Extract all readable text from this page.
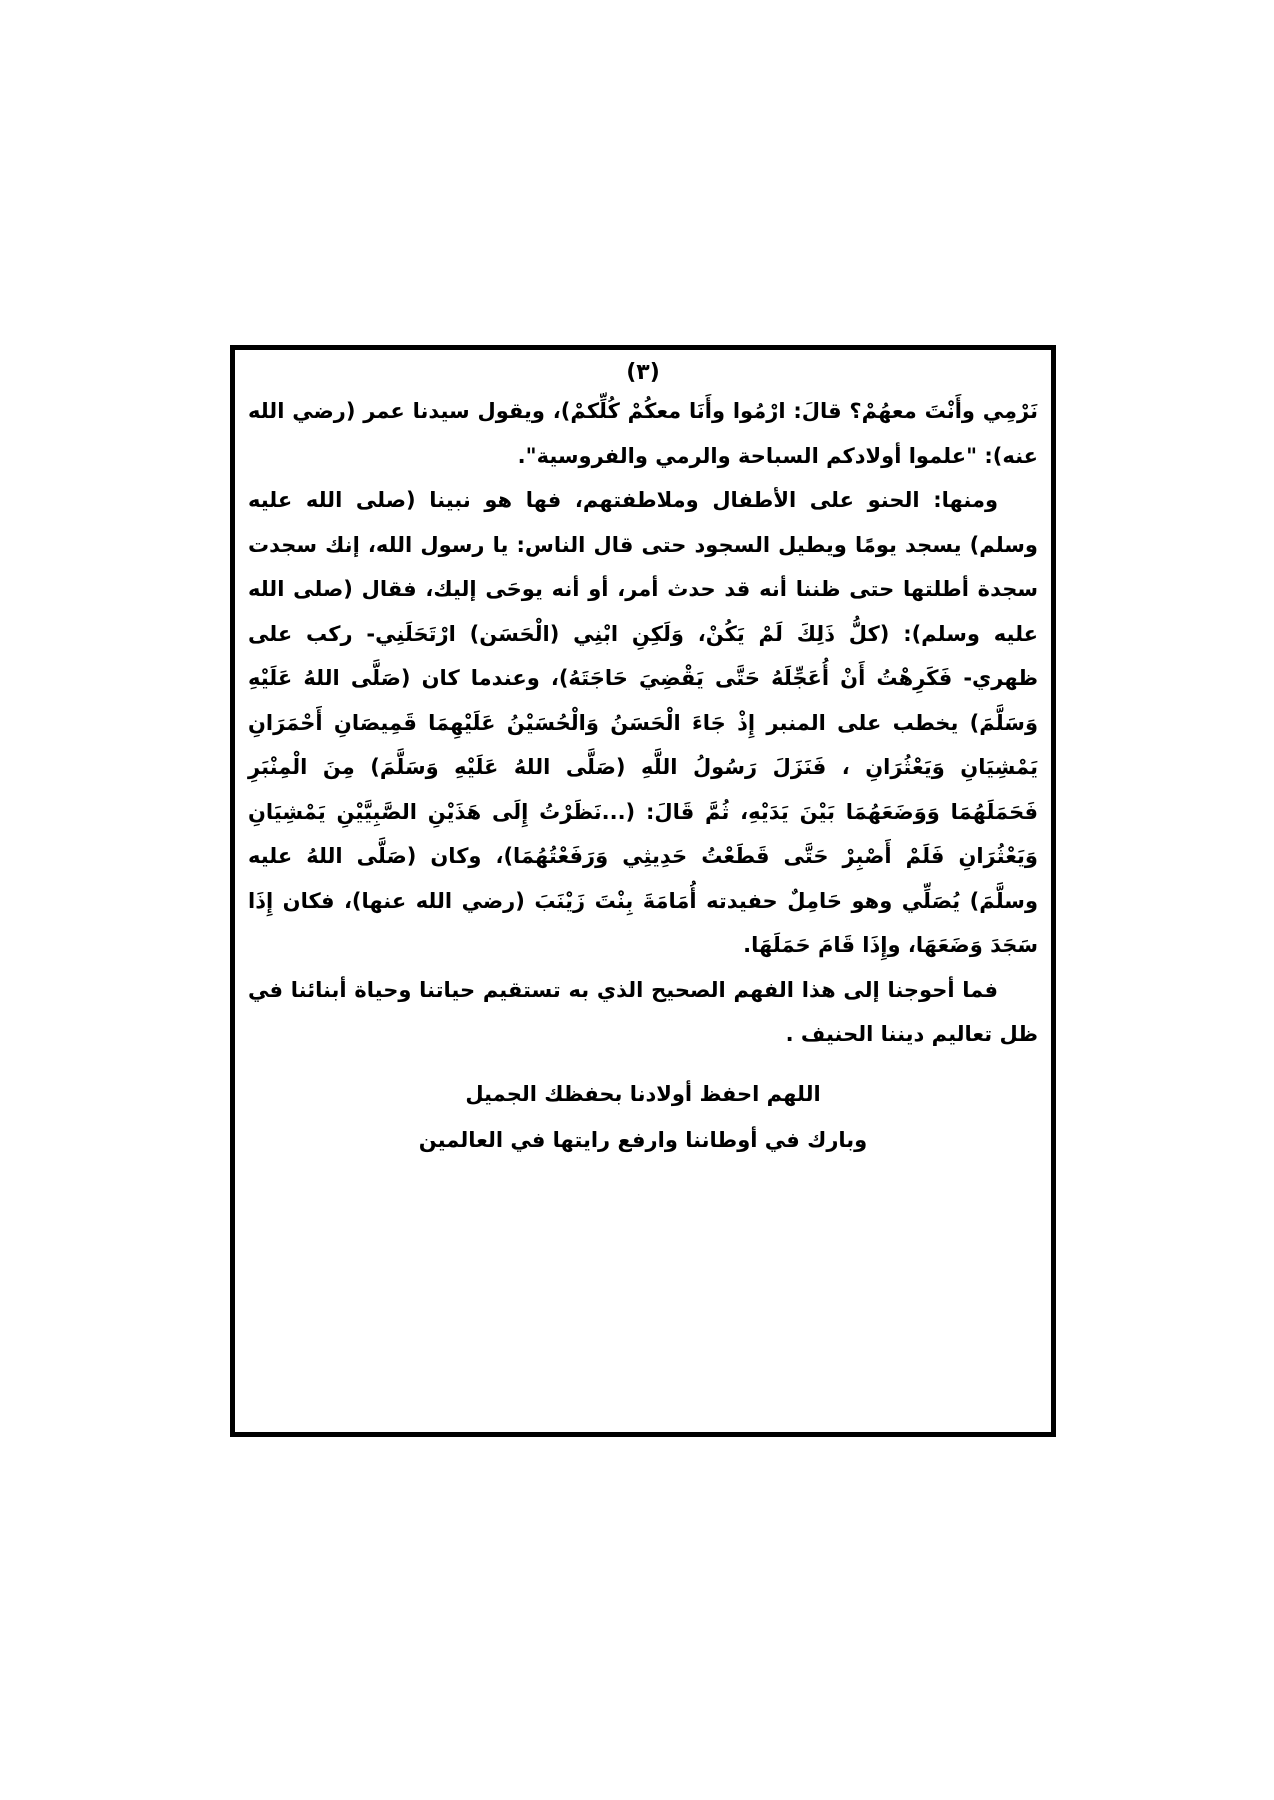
(٣)

نَرْمِي وأَنْتَ معهُمْ؟ قالَ: ارْمُوا وأَنَا معكُمْ كُلِّكمْ)، ويقول سيدنا عمر (رضي الله عنه): "علموا أولادكم السباحة والرمي والفروسية".

ومنها: الحنو على الأطفال وملاطفتهم، فها هو نبينا (صلى الله عليه وسلم) يسجد يومًا ويطيل السجود حتى قال الناس: يا رسول الله، إنك سجدت سجدة أطلتها حتى ظننا أنه قد حدث أمر، أو أنه يوحَى إليك، فقال (صلى الله عليه وسلم): (كلُّ ذَلِكَ لَمْ يَكُنْ، وَلَكِنِ ابْنِي (الْحَسَن) ارْتَحَلَنِي- ركب على ظهري- فَكَرِهْتُ أَنْ أُعَجِّلَهُ حَتَّى يَقْضِيَ حَاجَتَهُ)، وعندما كان (صَلَّى اللهُ عَلَيْهِ وَسَلَّمَ) يخطب على المنبر إِذْ جَاءَ الْحَسَنُ وَالْحُسَيْنُ عَلَيْهِمَا قَمِيصَانِ أَحْمَرَانِ يَمْشِيَانِ وَيَعْثُرَانِ ، فَنَزَلَ رَسُولُ اللَّهِ (صَلَّى اللهُ عَلَيْهِ وَسَلَّمَ) مِنَ الْمِنْبَرِ فَحَمَلَهُمَا وَوَضَعَهُمَا بَيْنَ يَدَيْهِ، ثُمَّ قَالَ: (...نَظَرْتُ إِلَى هَذَيْنِ الصَّبِيَّيْنِ يَمْشِيَانِ وَيَعْثُرَانِ فَلَمْ أَصْبِرْ حَتَّى قَطَعْتُ حَدِيثِي وَرَفَعْتُهُمَا)، وكان (صَلَّى اللهُ عليه وسلَّمَ) يُصَلِّي وهو حَامِلٌ حفيدته أُمَامَةَ بِنْتَ زَيْنَبَ (رضي الله عنها)، فكان إِذَا سَجَدَ وَضَعَهَا، وإِذَا قَامَ حَمَلَهَا.

فما أحوجنا إلى هذا الفهم الصحيح الذي به تستقيم حياتنا وحياة أبنائنا في ظل تعاليم ديننا الحنيف .

اللهم احفظ أولادنا بحفظك الجميل
وبارك في أوطاننا وارفع رايتها في العالمين
